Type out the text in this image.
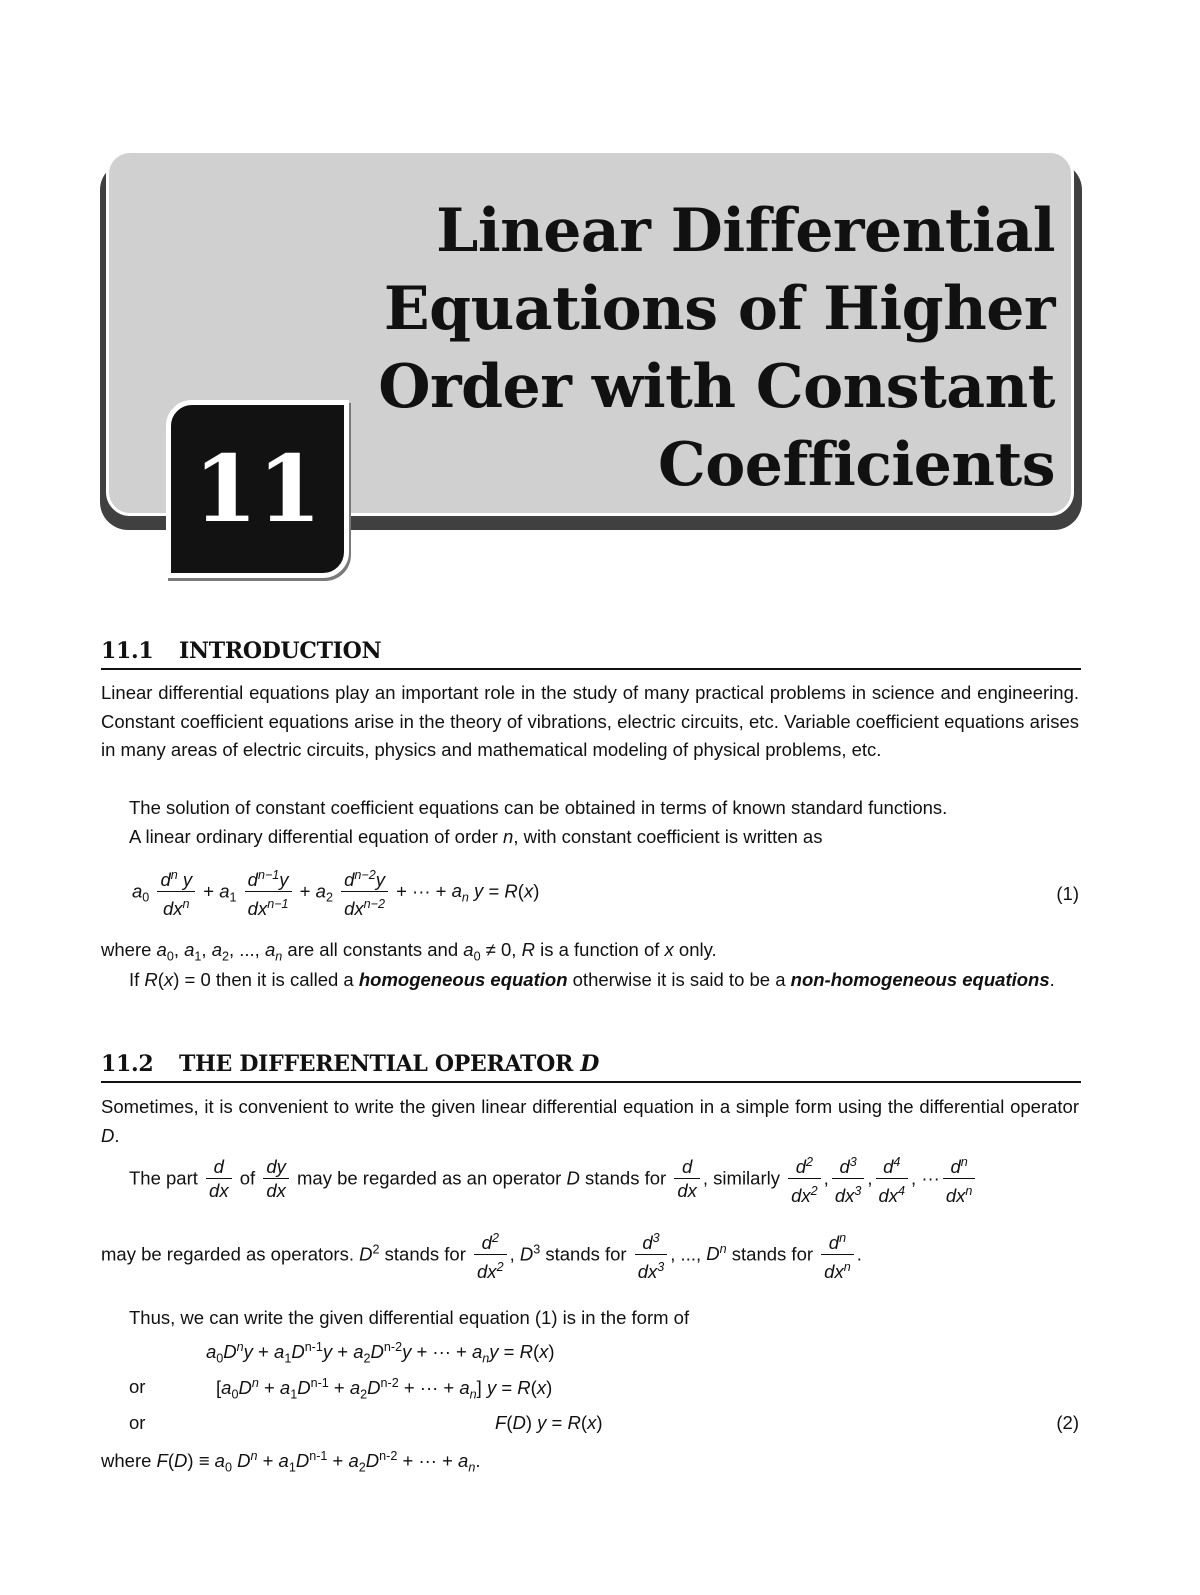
Linear Differential
Equations of Higher
Order with Constant
Coefficients
11
11.1 INTRODUCTION
Linear differential equations play an important role in the study of many practical problems in science and engineering. Constant coefficient equations arise in the theory of vibrations, electric circuits, etc. Variable coefficient equations arises in many areas of electric circuits, physics and mathematical modeling of physical problems, etc.
The solution of constant coefficient equations can be obtained in terms of known standard functions.
A linear ordinary differential equation of order n, with constant coefficient is written as
$a_0 \frac{d^n y}{dx^n} + a_1 \frac{d^{n-1}y}{dx^{n-1}} + a_2 \frac{d^{n-2}y}{dx^{n-2}}$ + ··· + $a_n$ y = R(x)	(1)
where $a_0$, $a_1$, $a_2$, ..., $a_n$ are all constants and $a_0 \ne 0$, R is a function of x only.
If R(x) = 0 then it is called a homogeneous equation otherwise it is said to be a non-homogeneous equations.
11.2 THE DIFFERENTIAL OPERATOR D
Sometimes, it is convenient to write the given linear differential equation in a simple form using the differential operator D.
The part $\frac{d}{dx}$ of $\frac{dy}{dx}$ may be regarded as an operator D stands for $\frac{d}{dx}$ , similarly $\frac{d^2}{dx^2}$ , $\frac{d^3}{dx^3}$ , $\frac{d^4}{dx^4}$ , ··· $\frac{d^n}{dx^n}$
may be regarded as operators. $D^2$ stands for $\frac{d^2}{dx^2}$ , $D^3$ stands for $\frac{d^3}{dx^3}$ , ..., $D^n$ stands for $\frac{d^n}{dx^n}$ .
Thus, we can write the given differential equation (1) is in the form of
$a_0D^ny + a_1D^{n-1}y + a_2D^{n-2}y$ + ··· + $a_ny = R(x)$
or	[$a_0D^n + a_1D^{n-1} + a_2D^{n-2}$ + ··· + $a_n$] y = R(x)
or	F(D) y = R(x)	(2)
where $F(D) \equiv a_0$ $D^n + a_1D^{n-1} + a_2D^{n-2}$ + ··· + $a_n$.
